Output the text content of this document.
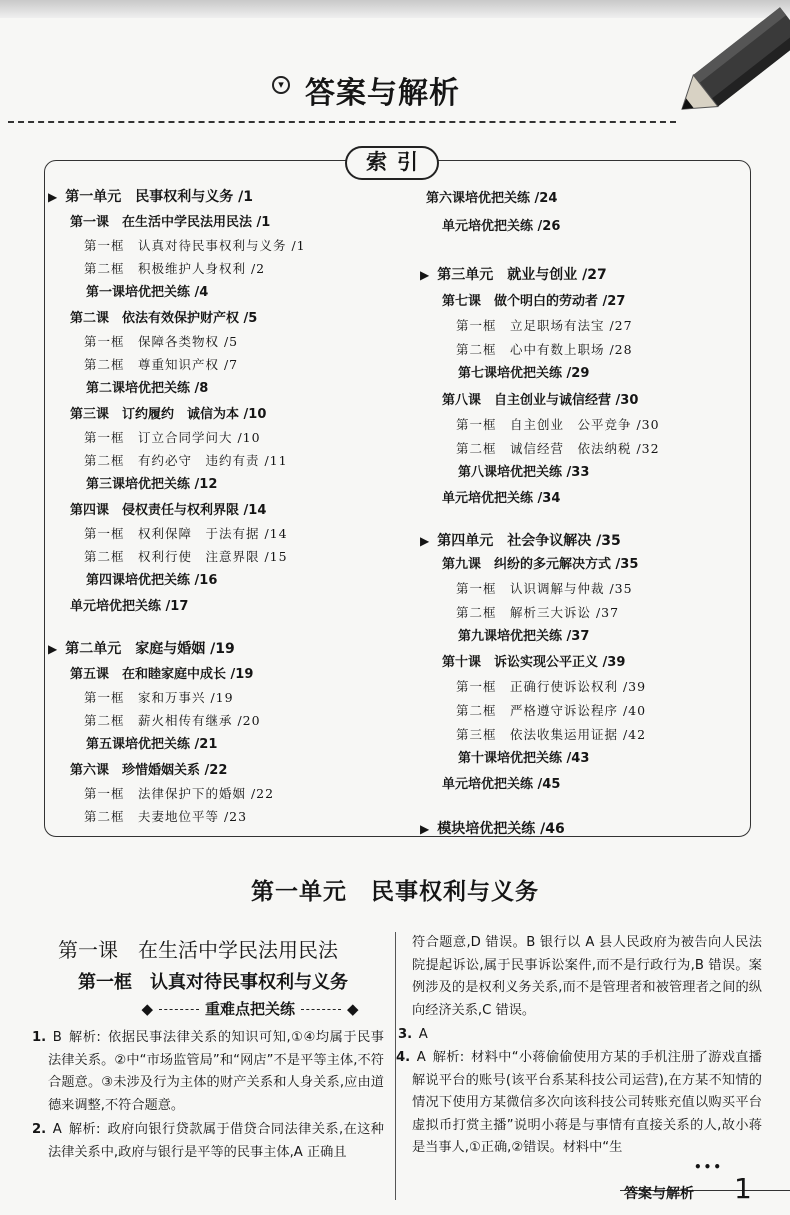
▾ 答案与解析
索引
▶ 第一单元　民事权利与义务 /1
第一课　在生活中学民法用民法 /1
第一框　认真对待民事权利与义务 /1
第二框　积极维护人身权利 /2
第一课培优把关练 /4
第二课　依法有效保护财产权 /5
第一框　保障各类物权 /5
第二框　尊重知识产权 /7
第二课培优把关练 /8
第三课　订约履约　诚信为本 /10
第一框　订立合同学问大 /10
第二框　有约必守　违约有责 /11
第三课培优把关练 /12
第四课　侵权责任与权利界限 /14
第一框　权利保障　于法有据 /14
第二框　权利行使　注意界限 /15
第四课培优把关练 /16
单元培优把关练 /17
▶ 第二单元　家庭与婚姻 /19
第五课　在和睦家庭中成长 /19
第一框　家和万事兴 /19
第二框　薪火相传有继承 /20
第五课培优把关练 /21
第六课　珍惜婚姻关系 /22
第一框　法律保护下的婚姻 /22
第二框　夫妻地位平等 /23
第六课培优把关练 /24
单元培优把关练 /26
▶ 第三单元　就业与创业 /27
第七课　做个明白的劳动者 /27
第一框　立足职场有法宝 /27
第二框　心中有数上职场 /28
第七课培优把关练 /29
第八课　自主创业与诚信经营 /30
第一框　自主创业　公平竞争 /30
第二框　诚信经营　依法纳税 /32
第八课培优把关练 /33
单元培优把关练 /34
▶ 第四单元　社会争议解决 /35
第九课　纠纷的多元解决方式 /35
第一框　认识调解与仲裁 /35
第二框　解析三大诉讼 /37
第九课培优把关练 /37
第十课　诉讼实现公平正义 /39
第一框　正确行使诉讼权利 /39
第二框　严格遵守诉讼程序 /40
第三框　依法收集运用证据 /42
第十课培优把关练 /43
单元培优把关练 /45
▶ 模块培优把关练 /46
第一单元　民事权利与义务
第一课　在生活中学民法用民法
第一框　认真对待民事权利与义务
◆	重难点把关练	◆
1.  B  解析:  依据民事法律关系的知识可知,①④均属于民事法律关系。②中“市场监管局”和“网店”不是平等主体,不符合题意。③未涉及行为主体的财产关系和人身关系,应由道德来调整,不符合题意。
2.  A  解析:  政府向银行贷款属于借贷合同法律关系,在这种法律关系中,政府与银行是平等的民事主体,A 正确且
符合题意,D 错误。B 银行以 A 县人民政府为被告向人民法院提起诉讼,属于民事诉讼案件,而不是行政行为,B 错误。案例涉及的是权利义务关系,而不是管理者和被管理者之间的纵向经济关系,C 错误。
3.  A 
4.  A  解析:  材料中“小蒋偷偷使用方某的手机注册了游戏直播解说平台的账号(该平台系某科技公司运营),在方某不知情的情况下使用方某微信多次向该科技公司转账充值以购买平台虚拟币打赏主播”说明小蒋是与事情有直接关系的人,故小蒋是当事人,①正确,②错误。材料中“生
•••
答案与解析 1
